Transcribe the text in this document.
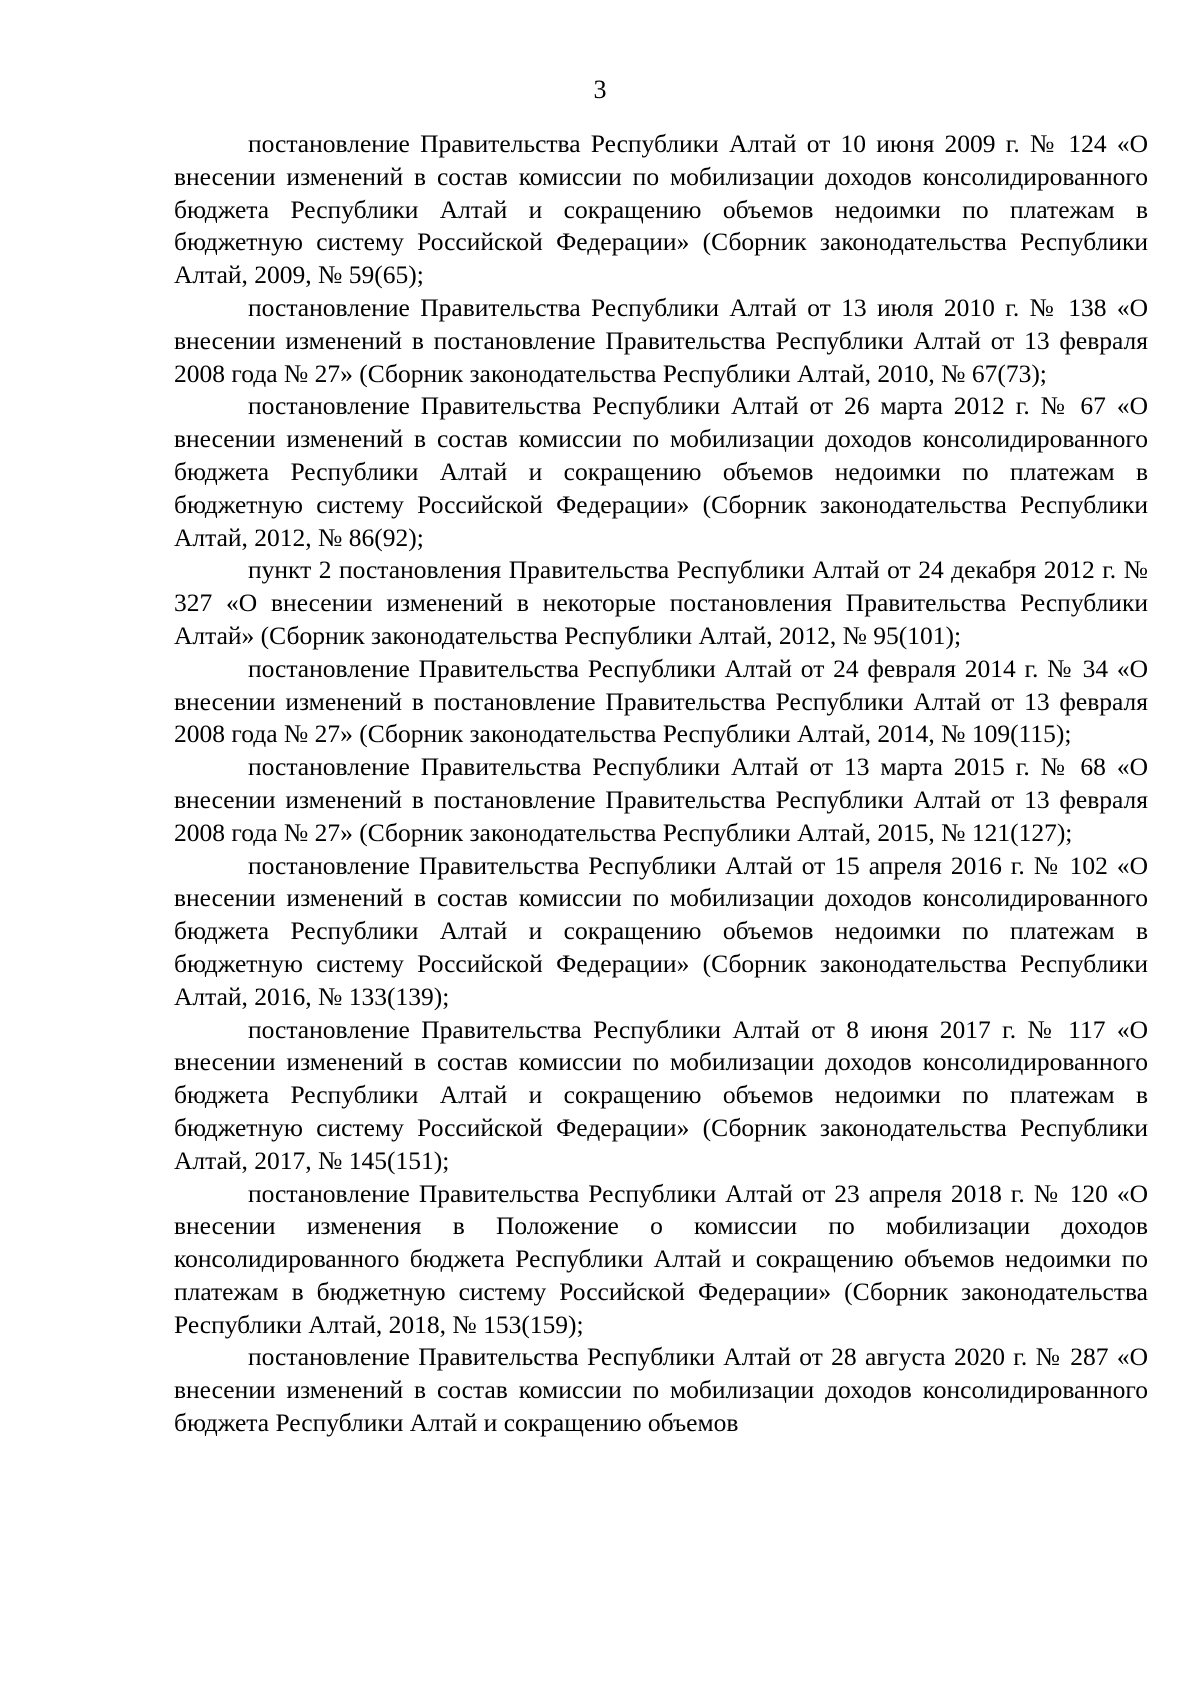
3

постановление Правительства Республики Алтай от 10 июня 2009 г. № 124 «О внесении изменений в состав комиссии по мобилизации доходов консолидированного бюджета Республики Алтай и сокращению объемов недоимки по платежам в бюджетную систему Российской Федерации» (Сборник законодательства Республики Алтай, 2009, № 59(65);

постановление Правительства Республики Алтай от 13 июля 2010 г. № 138 «О внесении изменений в постановление Правительства Республики Алтай от 13 февраля 2008 года № 27» (Сборник законодательства Республики Алтай, 2010, № 67(73);

постановление Правительства Республики Алтай от 26 марта 2012 г. № 67 «О внесении изменений в состав комиссии по мобилизации доходов консолидированного бюджета Республики Алтай и сокращению объемов недоимки по платежам в бюджетную систему Российской Федерации» (Сборник законодательства Республики Алтай, 2012, № 86(92);

пункт 2 постановления Правительства Республики Алтай от 24 декабря 2012 г. № 327 «О внесении изменений в некоторые постановления Правительства Республики Алтай» (Сборник законодательства Республики Алтай, 2012, № 95(101);

постановление Правительства Республики Алтай от 24 февраля 2014 г. № 34 «О внесении изменений в постановление Правительства Республики Алтай от 13 февраля 2008 года № 27» (Сборник законодательства Республики Алтай, 2014, № 109(115);

постановление Правительства Республики Алтай от 13 марта 2015 г. № 68 «О внесении изменений в постановление Правительства Республики Алтай от 13 февраля 2008 года № 27» (Сборник законодательства Республики Алтай, 2015, № 121(127);

постановление Правительства Республики Алтай от 15 апреля 2016 г. № 102 «О внесении изменений в состав комиссии по мобилизации доходов консолидированного бюджета Республики Алтай и сокращению объемов недоимки по платежам в бюджетную систему Российской Федерации» (Сборник законодательства Республики Алтай, 2016, № 133(139);

постановление Правительства Республики Алтай от 8 июня 2017 г. № 117 «О внесении изменений в состав комиссии по мобилизации доходов консолидированного бюджета Республики Алтай и сокращению объемов недоимки по платежам в бюджетную систему Российской Федерации» (Сборник законодательства Республики Алтай, 2017, № 145(151);

постановление Правительства Республики Алтай от 23 апреля 2018 г. № 120 «О внесении изменения в Положение о комиссии по мобилизации доходов консолидированного бюджета Республики Алтай и сокращению объемов недоимки по платежам в бюджетную систему Российской Федерации» (Сборник законодательства Республики Алтай, 2018, № 153(159);

постановление Правительства Республики Алтай от 28 августа 2020 г. № 287 «О внесении изменений в состав комиссии по мобилизации доходов консолидированного бюджета Республики Алтай и сокращению объемов
